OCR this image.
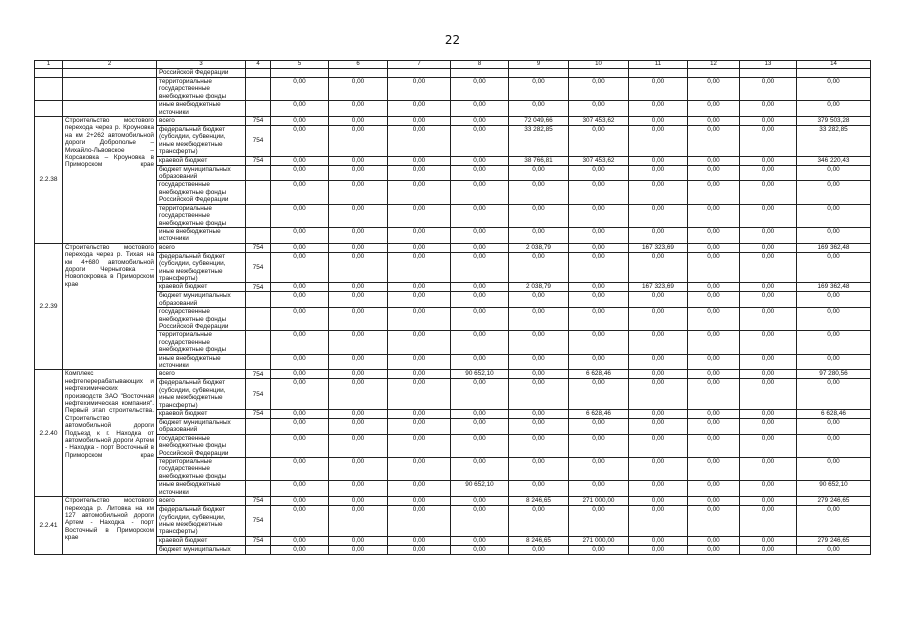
22
1	2	3	4	5	6	7	8	9	10	11	12	13	14
		Российской Федерации											
		территориальные
государственные
внебюджетные фонды		0,00	0,00	0,00	0,00	0,00	0,00	0,00	0,00	0,00	0,00
		иные внебюджетные
источники		0,00	0,00	0,00	0,00	0,00	0,00	0,00	0,00	0,00	0,00
2.2.38	Строительство мостового перехода через р. Кроуновка на км 2+262 автомобильной дороги Доброполье – Михайло-Львовское – Корсаковка – Кроуновка в Приморском крае	всего	754	0,00	0,00	0,00	0,00	72 049,66	307 453,62	0,00	0,00	0,00	379 503,28
		федеральный бюджет
(субсидии, субвенции,
иные межбюджетные
трансферты)	754	0,00	0,00	0,00	0,00	33 282,85	0,00	0,00	0,00	0,00	33 282,85
		краевой бюджет	754	0,00	0,00	0,00	0,00	38 766,81	307 453,62	0,00	0,00	0,00	346 220,43
		бюджет муниципальных
образований		0,00	0,00	0,00	0,00	0,00	0,00	0,00	0,00	0,00	0,00
		государственные
внебюджетные фонды
Российской Федерации		0,00	0,00	0,00	0,00	0,00	0,00	0,00	0,00	0,00	0,00
		территориальные
государственные
внебюджетные фонды		0,00	0,00	0,00	0,00	0,00	0,00	0,00	0,00	0,00	0,00
		иные внебюджетные
источники		0,00	0,00	0,00	0,00	0,00	0,00	0,00	0,00	0,00	0,00
2.2.39	Строительство мостового перехода через р. Тихая на км 4+680 автомобильной дороги Черныговка – Новопокровка в Приморском крае	всего	754	0,00	0,00	0,00	0,00	2 038,79	0,00	167 323,69	0,00	0,00	169 362,48
		федеральный бюджет
(субсидии, субвенции,
иные межбюджетные
трансферты)	754	0,00	0,00	0,00	0,00	0,00	0,00	0,00	0,00	0,00	0,00
		краевой бюджет	754	0,00	0,00	0,00	0,00	2 038,79	0,00	167 323,69	0,00	0,00	169 362,48
		бюджет муниципальных
образований		0,00	0,00	0,00	0,00	0,00	0,00	0,00	0,00	0,00	0,00
		государственные
внебюджетные фонды
Российской Федерации		0,00	0,00	0,00	0,00	0,00	0,00	0,00	0,00	0,00	0,00
		территориальные
государственные
внебюджетные фонды		0,00	0,00	0,00	0,00	0,00	0,00	0,00	0,00	0,00	0,00
		иные внебюджетные
источники		0,00	0,00	0,00	0,00	0,00	0,00	0,00	0,00	0,00	0,00
2.2.40	Комплекс нефтеперерабатывающих и нефтехимических производств ЗАО "Восточная нефтехимическая компания". Первый этап строительства. Строительство автомобильной дороги Подъезд к г. Находка от автомобильной дороги Артем - Находка - порт Восточный в Приморском крае	всего	754	0,00	0,00	0,00	90 652,10	0,00	6 628,46	0,00	0,00	0,00	97 280,56
		федеральный бюджет
(субсидии, субвенции,
иные межбюджетные
трансферты)	754	0,00	0,00	0,00	0,00	0,00	0,00	0,00	0,00	0,00	0,00
		краевой бюджет	754	0,00	0,00	0,00	0,00	0,00	6 628,46	0,00	0,00	0,00	6 628,46
		бюджет муниципальных
образований		0,00	0,00	0,00	0,00	0,00	0,00	0,00	0,00	0,00	0,00
		государственные
внебюджетные фонды
Российской Федерации		0,00	0,00	0,00	0,00	0,00	0,00	0,00	0,00	0,00	0,00
		территориальные
государственные
внебюджетные фонды		0,00	0,00	0,00	0,00	0,00	0,00	0,00	0,00	0,00	0,00
		иные внебюджетные
источники		0,00	0,00	0,00	90 652,10	0,00	0,00	0,00	0,00	0,00	90 652,10
2.2.41	Строительство мостового перехода р. Литовка на км 127 автомобильной дороги Артем - Находка - порт Восточный в Приморском крае	всего	754	0,00	0,00	0,00	0,00	8 246,65	271 000,00	0,00	0,00	0,00	279 246,65
		федеральный бюджет
(субсидии, субвенции,
иные межбюджетные
трансферты)	754	0,00	0,00	0,00	0,00	0,00	0,00	0,00	0,00	0,00	0,00
		краевой бюджет	754	0,00	0,00	0,00	0,00	8 246,65	271 000,00	0,00	0,00	0,00	279 246,65
		бюджет муниципальных		0,00	0,00	0,00	0,00	0,00	0,00	0,00	0,00	0,00	0,00
